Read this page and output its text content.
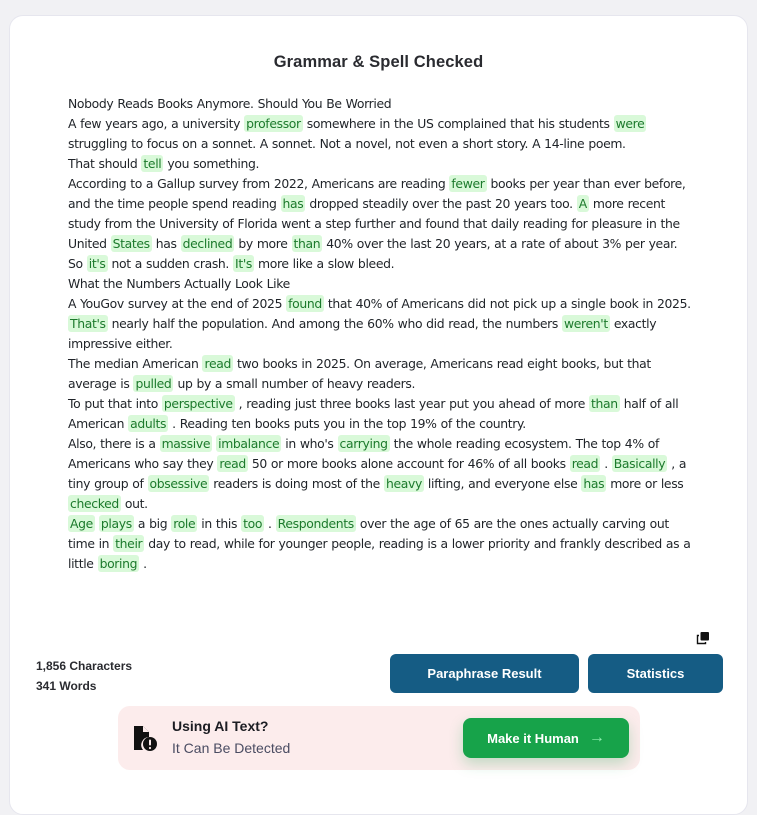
Grammar & Spell Checked

Nobody Reads Books Anymore. Should You Be Worried

A few years ago, a university professor somewhere in the US complained that his students were struggling to focus on a sonnet. A sonnet. Not a novel, not even a short story. A 14-line poem.

That should tell you something.

According to a Gallup survey from 2022, Americans are reading fewer books per year than ever before, and the time people spend reading has dropped steadily over the past 20 years too. A more recent study from the University of Florida went a step further and found that daily reading for pleasure in the United States has declined by more than 40% over the last 20 years, at a rate of about 3% per year.

So it's not a sudden crash. It's more like a slow bleed.

What the Numbers Actually Look Like

A YouGov survey at the end of 2025 found that 40% of Americans did not pick up a single book in 2025. That's nearly half the population. And among the 60% who did read, the numbers weren't exactly impressive either.

The median American read two books in 2025. On average, Americans read eight books, but that average is pulled up by a small number of heavy readers.

To put that into perspective , reading just three books last year put you ahead of more than half of all American adults . Reading ten books puts you in the top 19% of the country.

Also, there is a massive imbalance in who's carrying the whole reading ecosystem. The top 4% of Americans who say they read 50 or more books alone account for 46% of all books read . Basically , a tiny group of obsessive readers is doing most of the heavy lifting, and everyone else has more or less checked out.

Age plays a big role in this too . Respondents over the age of 65 are the ones actually carving out time in their day to read, while for younger people, reading is a lower priority and frankly described as a little boring .

1,856 Characters
341 Words
Paraphrase Result	Statistics
Using AI Text?
It Can Be Detected
Make it Human →
